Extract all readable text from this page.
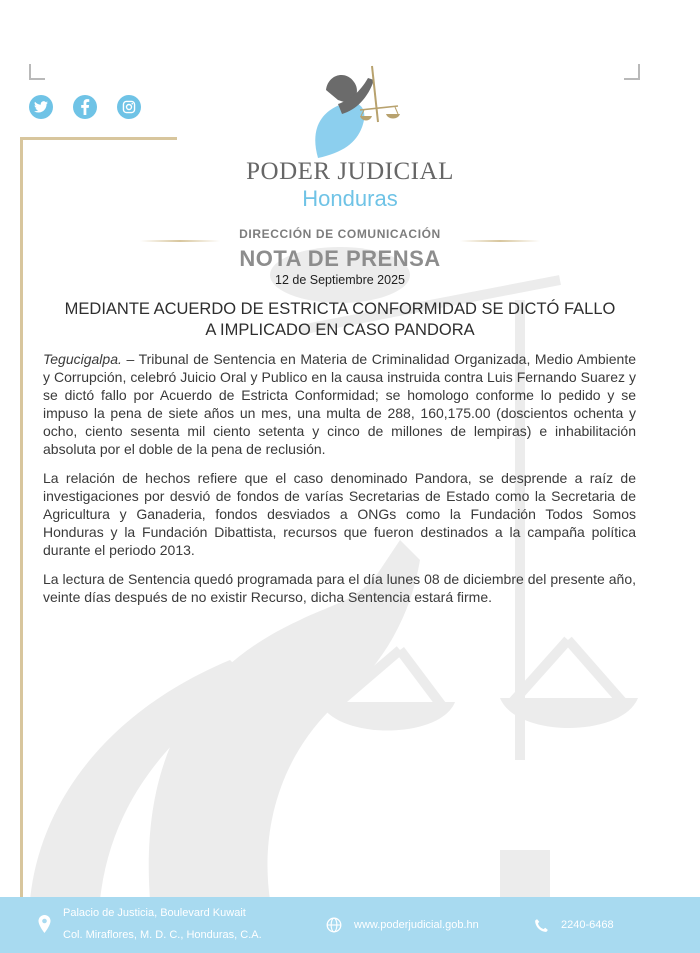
PODER JUDICIAL
Honduras
DIRECCIÓN DE COMUNICACIÓN
NOTA DE PRENSA
12 de Septiembre 2025
MEDIANTE ACUERDO DE ESTRICTA CONFORMIDAD SE DICTÓ FALLO
A IMPLICADO EN CASO PANDORA

Tegucigalpa. – Tribunal de Sentencia en Materia de Criminalidad Organizada, Medio Ambiente y Corrupción, celebró Juicio Oral y Publico en la causa instruida contra Luis Fernando Suarez y se dictó fallo por Acuerdo de Estricta Conformidad; se homologo conforme lo pedido y se impuso la pena de siete años un mes, una multa de 288, 160,175.00 (doscientos ochenta y ocho, ciento sesenta mil ciento setenta y cinco de millones de lempiras) e inhabilitación absoluta por el doble de la pena de reclusión.

La relación de hechos refiere que el caso denominado Pandora, se desprende a raíz de investigaciones por desvió de fondos de varías Secretarias de Estado como la Secretaria de Agricultura y Ganaderia, fondos desviados a ONGs como la Fundación Todos Somos Honduras y la Fundación Dibattista, recursos que fueron destinados a la campaña política durante el periodo 2013.

La lectura de Sentencia quedó programada para el día lunes 08 de diciembre del presente año, veinte días después de no existir Recurso, dicha Sentencia estará firme.

Palacio de Justicia, Boulevard Kuwait
Col. Miraflores, M. D. C., Honduras, C.A.
www.poderjudicial.gob.hn	2240-6468
